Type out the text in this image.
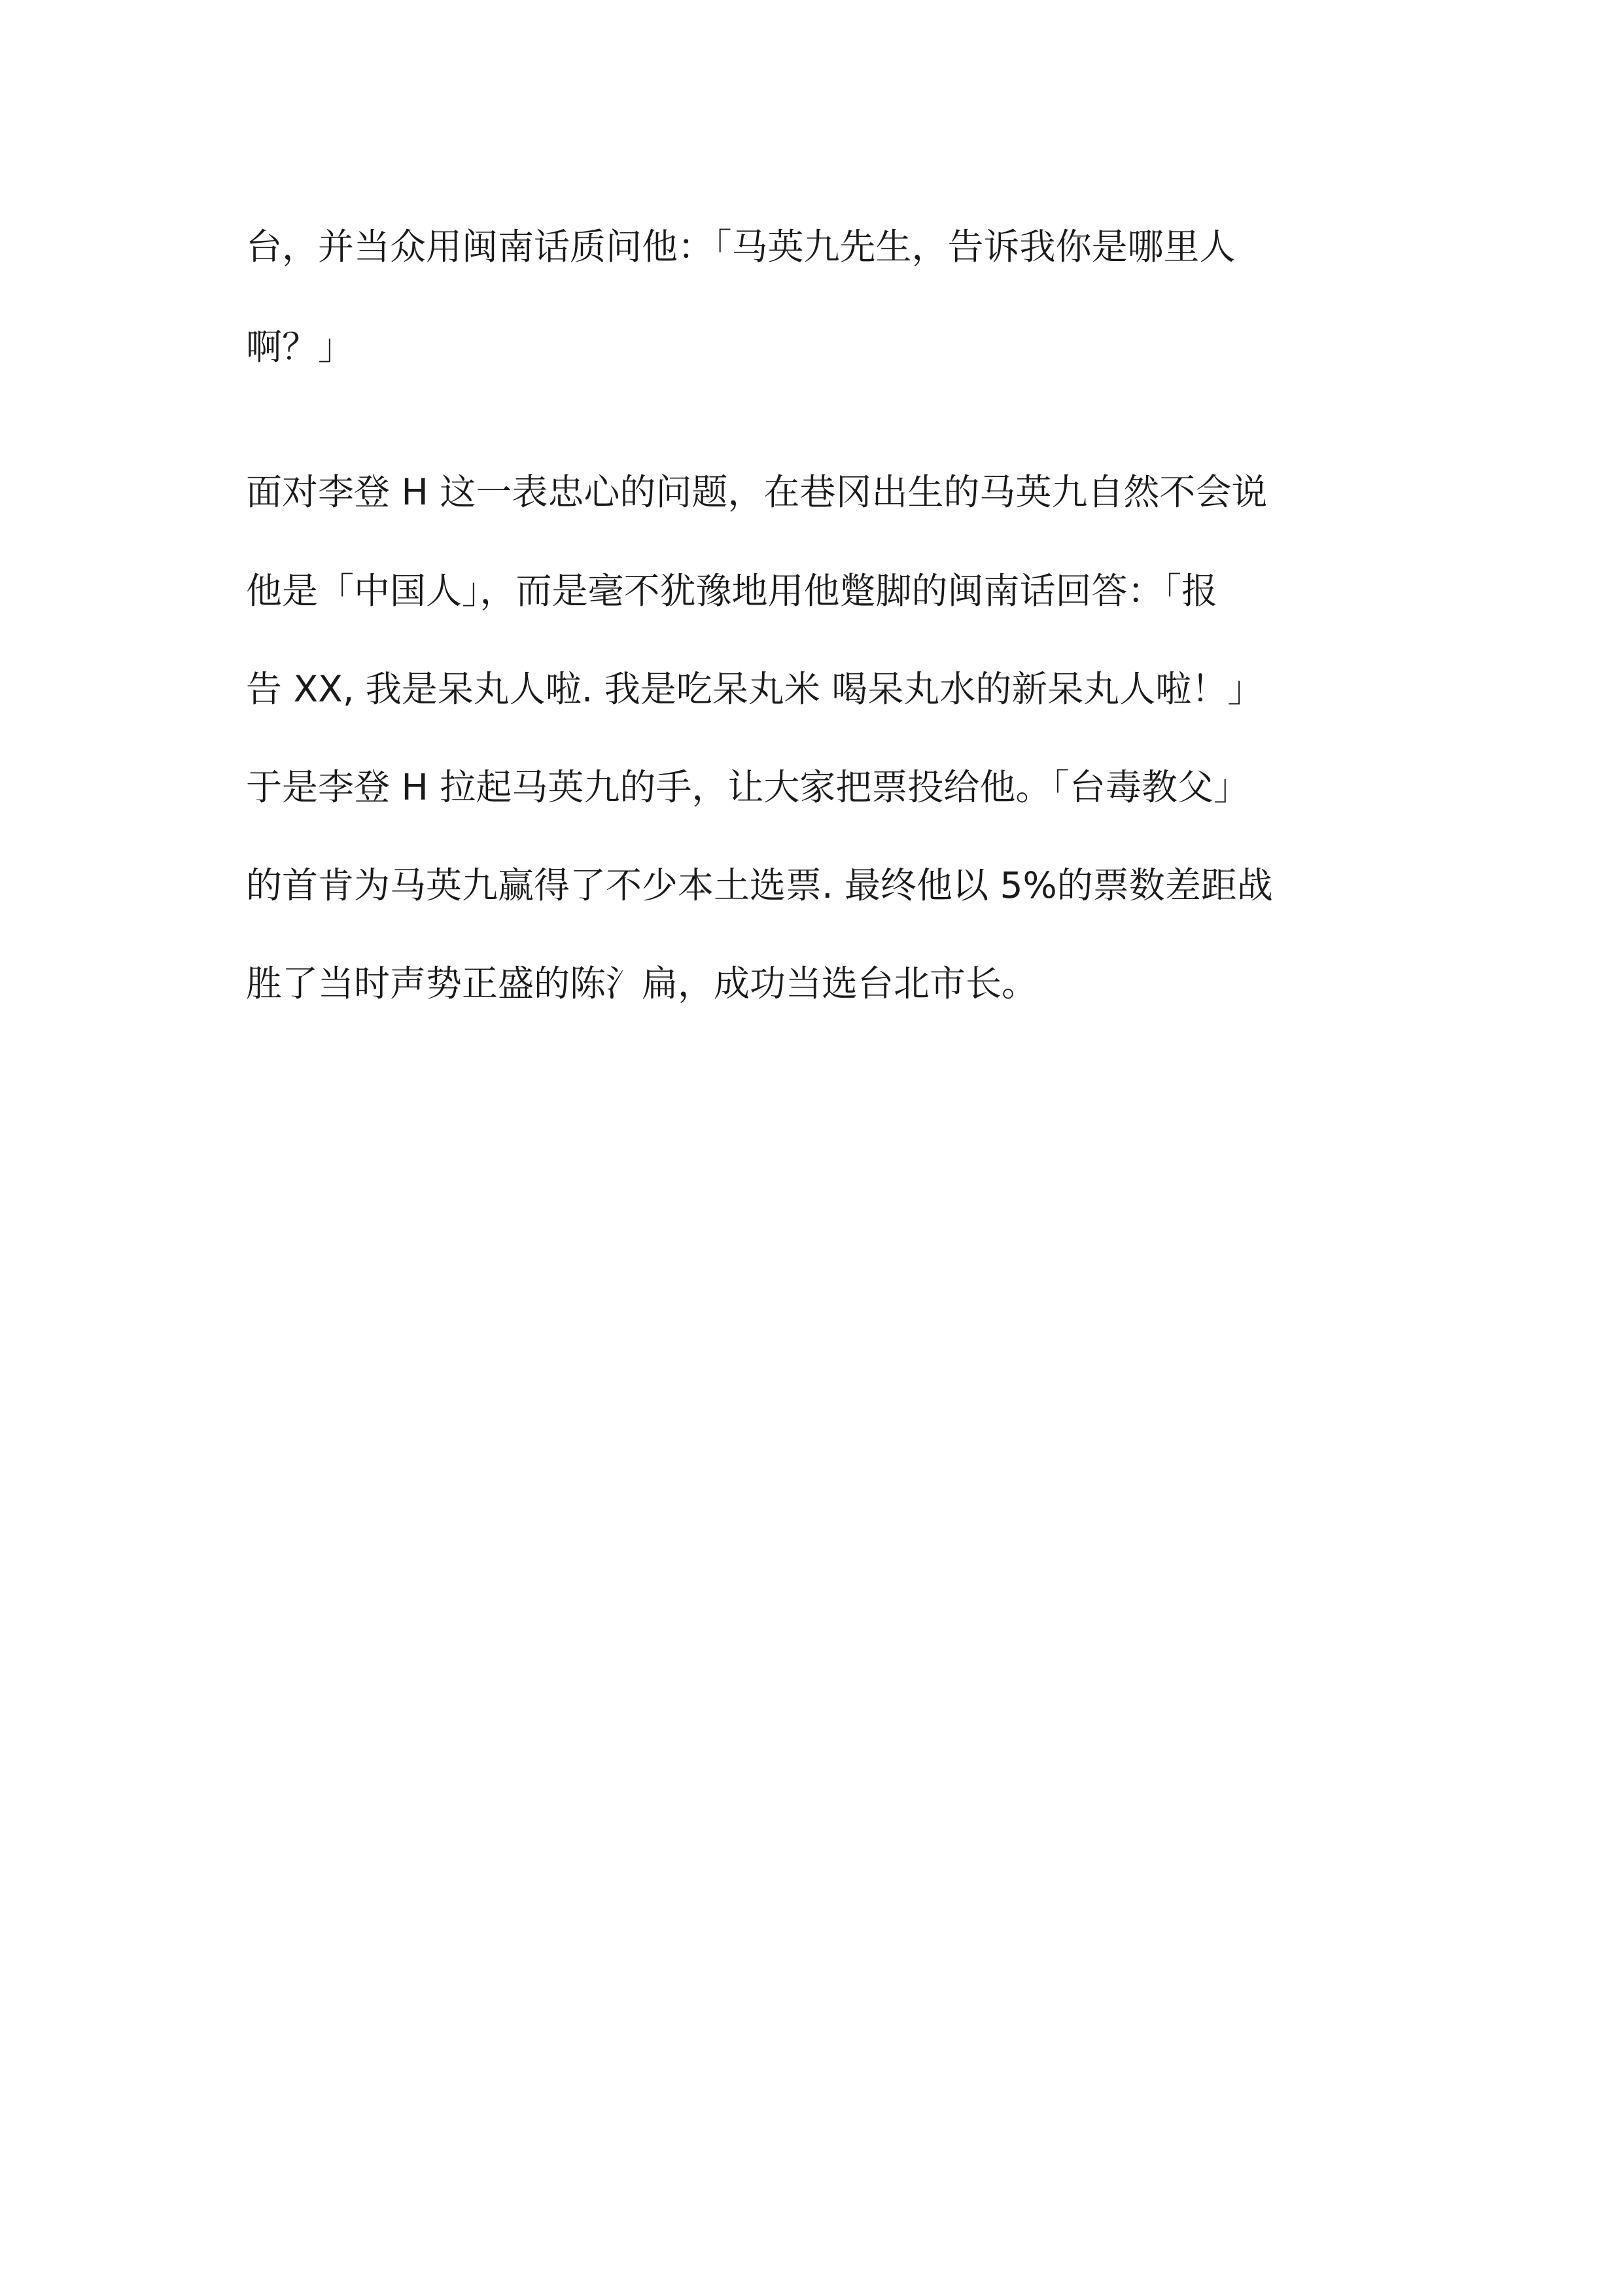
台，并当众用闽南话质问他：「马英九先生，告诉我你是哪里人
啊？」
面对李登 H 这一表忠心的问题，在巷冈出生的马英九自然不会说
他是「中国人」，而是毫不犹豫地用他蹩脚的闽南话回答：「报
告 XX, 我是呆丸人啦. 我是吃呆丸米 喝呆丸水的新呆丸人啦！」
于是李登 H 拉起马英九的手，让大家把票投给他。「台毒教父」
的首肯为马英九赢得了不少本土选票. 最终他以 5%的票数差距战
胜了当时声势正盛的陈氵扁，成功当选台北市长。
